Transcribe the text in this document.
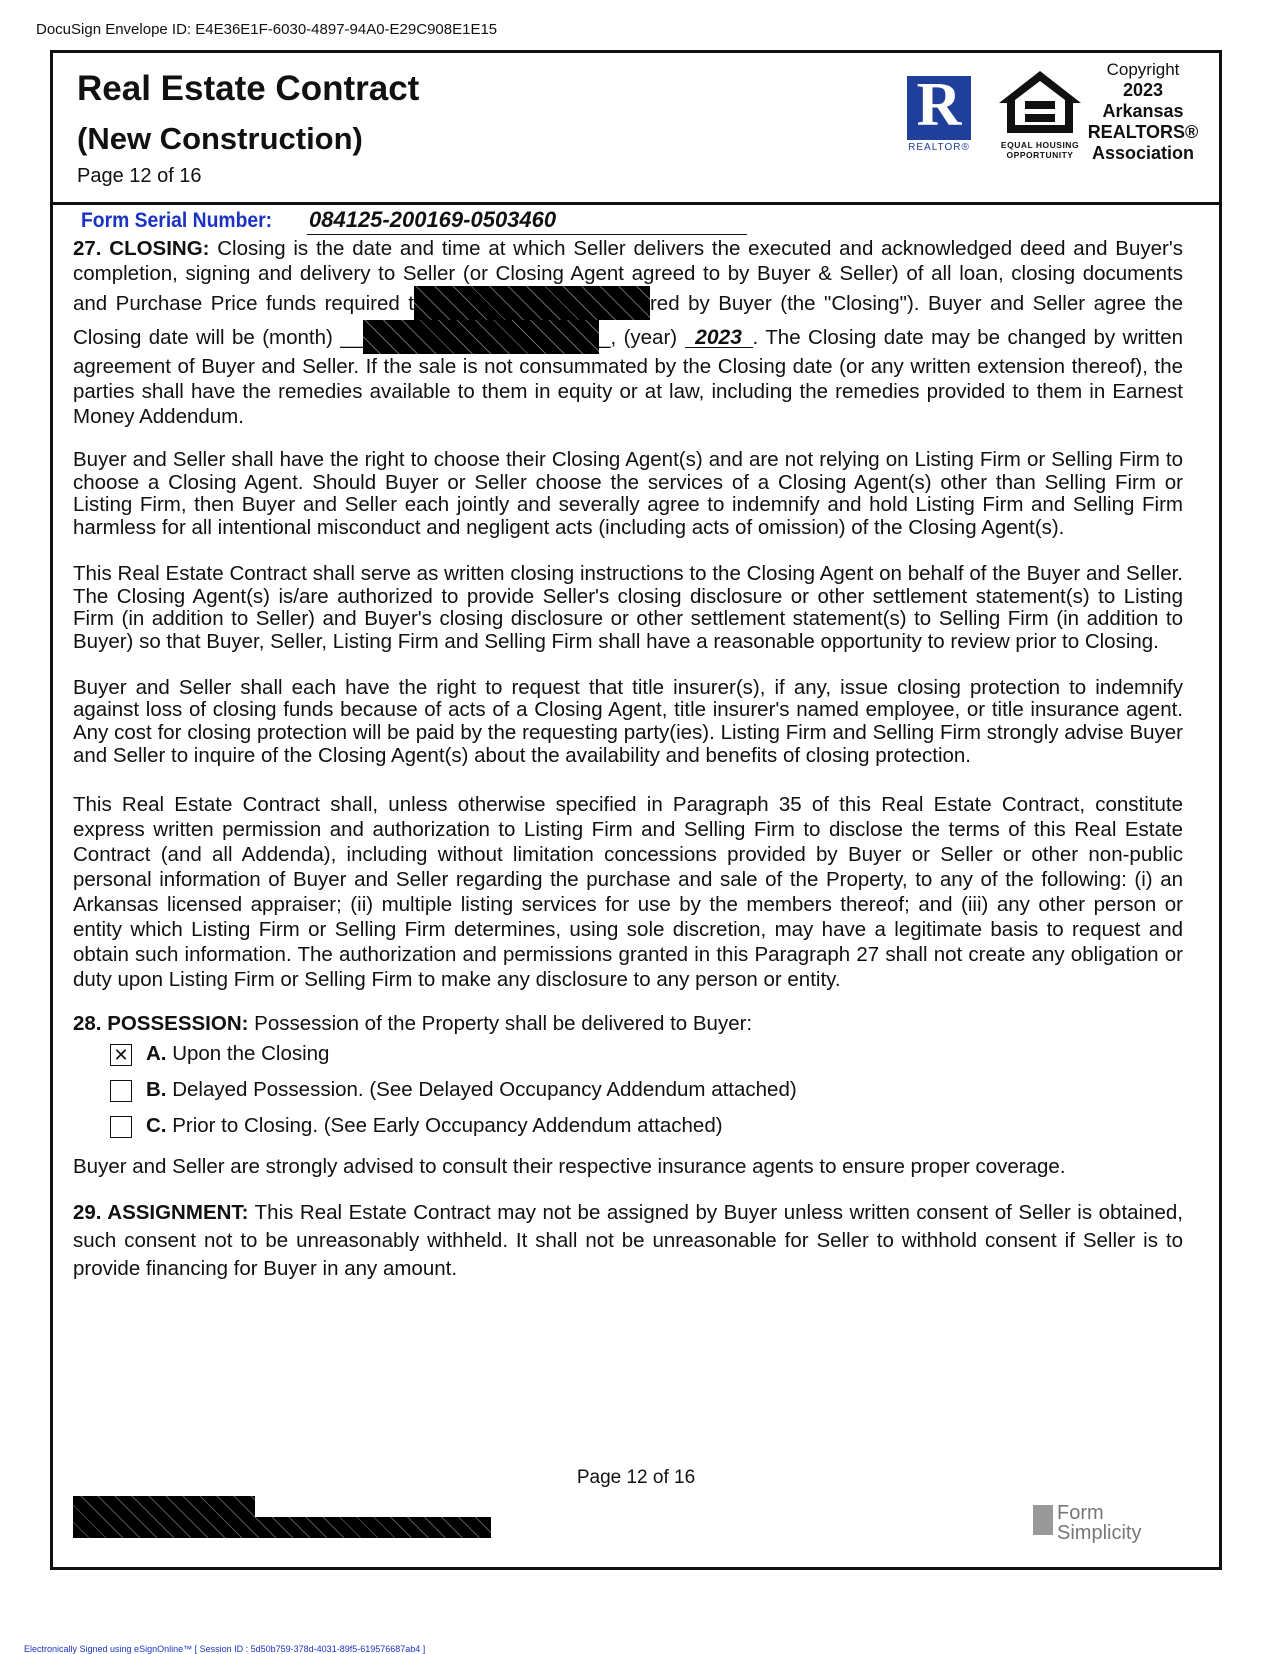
DocuSign Envelope ID: E4E36E1F-6030-4897-94A0-E29C908E1E15
Real Estate Contract
(New Construction)
Page 12 of 16
R
REALTOR®	EQUAL HOUSING OPPORTUNITY
Copyright
2023
Arkansas
REALTORS®
Association
Form Serial Number: 084125-200169-0503460

27. CLOSING: Closing is the date and time at which Seller delivers the executed and acknowledged deed and Buyer's completion, signing and delivery to Seller (or Closing Agent agreed to by Buyer & Seller) of all loan, closing documents and Purchase Price funds required t	red by Buyer (the "Closing"). Buyer and Seller agree the Closing date will be (month) __	_, (year) 2023 . The Closing date may be changed by written agreement of Buyer and Seller. If the sale is not consummated by the Closing date (or any written extension thereof), the parties shall have the remedies available to them in equity or at law, including the remedies provided to them in Earnest Money Addendum.

Buyer and Seller shall have the right to choose their Closing Agent(s) and are not relying on Listing Firm or Selling Firm to choose a Closing Agent. Should Buyer or Seller choose the services of a Closing Agent(s) other than Selling Firm or Listing Firm, then Buyer and Seller each jointly and severally agree to indemnify and hold Listing Firm and Selling Firm harmless for all intentional misconduct and negligent acts (including acts of omission) of the Closing Agent(s).

This Real Estate Contract shall serve as written closing instructions to the Closing Agent on behalf of the Buyer and Seller. The Closing Agent(s) is/are authorized to provide Seller's closing disclosure or other settlement statement(s) to Listing Firm (in addition to Seller) and Buyer's closing disclosure or other settlement statement(s) to Selling Firm (in addition to Buyer) so that Buyer, Seller, Listing Firm and Selling Firm shall have a reasonable opportunity to review prior to Closing.

Buyer and Seller shall each have the right to request that title insurer(s), if any, issue closing protection to indemnify against loss of closing funds because of acts of a Closing Agent, title insurer's named employee, or title insurance agent. Any cost for closing protection will be paid by the requesting party(ies). Listing Firm and Selling Firm strongly advise Buyer and Seller to inquire of the Closing Agent(s) about the availability and benefits of closing protection.

This Real Estate Contract shall, unless otherwise specified in Paragraph 35 of this Real Estate Contract, constitute express written permission and authorization to Listing Firm and Selling Firm to disclose the terms of this Real Estate Contract (and all Addenda), including without limitation concessions provided by Buyer or Seller or other non-public personal information of Buyer and Seller regarding the purchase and sale of the Property, to any of the following: (i) an Arkansas licensed appraiser; (ii) multiple listing services for use by the members thereof; and (iii) any other person or entity which Listing Firm or Selling Firm determines, using sole discretion, may have a legitimate basis to request and obtain such information. The authorization and permissions granted in this Paragraph 27 shall not create any obligation or duty upon Listing Firm or Selling Firm to make any disclosure to any person or entity.

28. POSSESSION: Possession of the Property shall be delivered to Buyer:

✕ A. Upon the Closing
B. Delayed Possession. (See Delayed Occupancy Addendum attached)
C. Prior to Closing. (See Early Occupancy Addendum attached)

Buyer and Seller are strongly advised to consult their respective insurance agents to ensure proper coverage.

29. ASSIGNMENT: This Real Estate Contract may not be assigned by Buyer unless written consent of Seller is obtained, such consent not to be unreasonably withheld. It shall not be unreasonable for Seller to withhold consent if Seller is to provide financing for Buyer in any amount.

Page 12 of 16
Form
Simplicity
Electronically Signed using eSignOnline™ [ Session ID : 5d50b759-378d-4031-89f5-619576687ab4 ]
